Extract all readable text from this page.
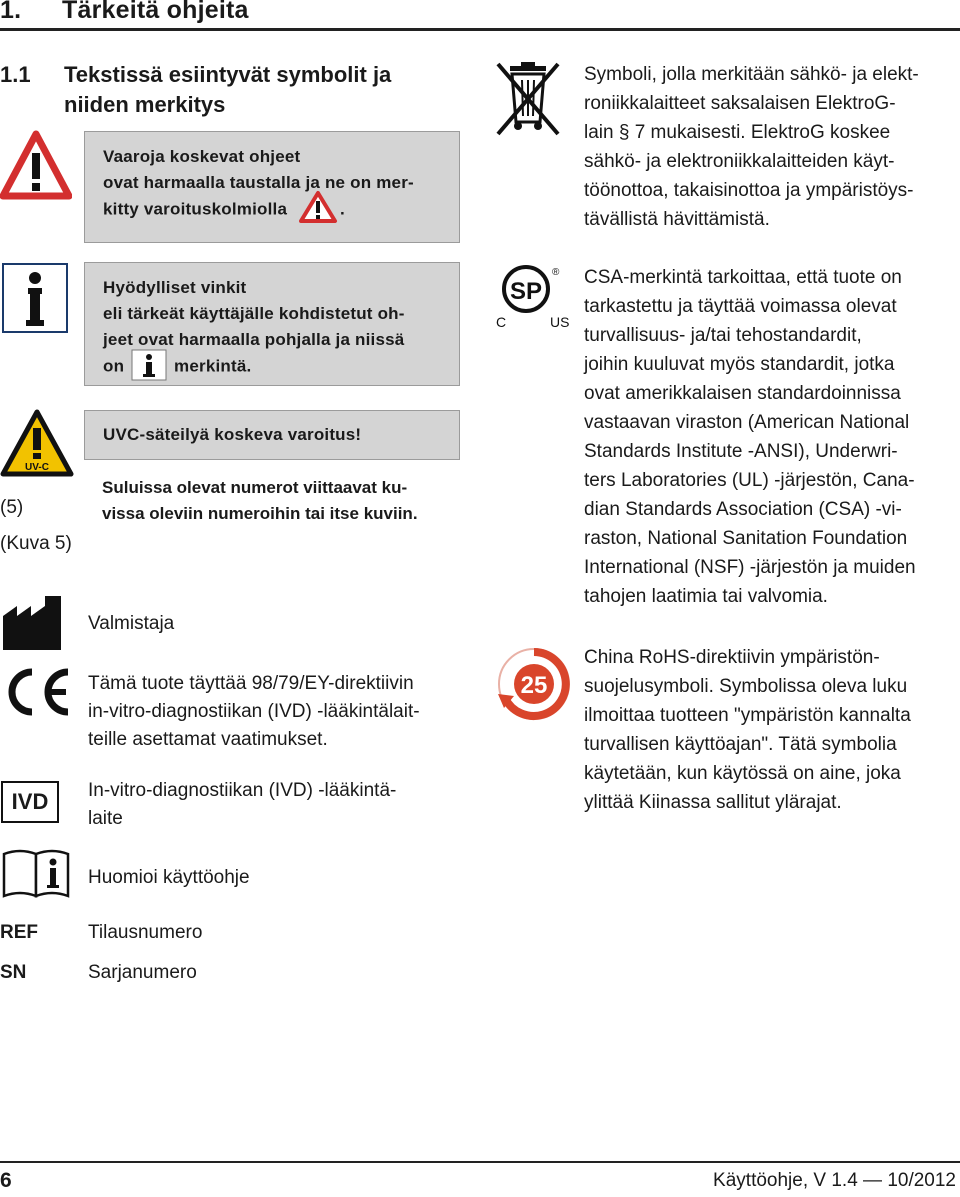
1. Tärkeitä ohjeita
1.1 Tekstissä esiintyvät symbolit ja niiden merkitys
Vaaroja koskevat ohjeet
ovat harmaalla taustalla ja ne on mer-
kitty varoituskolmiolla	.
Hyödylliset vinkit
eli tärkeät käyttäjälle kohdistetut oh-
jeet ovat harmaalla pohjalla ja niissä
on	merkintä.
UV-C
UVC-säteilyä koskeva varoitus!
(5)
(Kuva 5)
Suluissa olevat numerot viittaavat ku-
vissa oleviin numeroihin tai itse kuviin.
Valmistaja
Tämä tuote täyttää 98/79/EY-direktiivin
in-vitro-diagnostiikan (IVD) -lääkintälait-
teille asettamat vaatimukset.
IVD	In-vitro-diagnostiikan (IVD) -lääkintä-
laite
Huomioi käyttöohje
REF	Tilausnumero
SN	Sarjanumero
Symboli, jolla merkitään sähkö- ja elekt-
roniikkalaitteet saksalaisen ElektroG-
lain § 7 mukaisesti. ElektroG koskee
sähkö- ja elektroniikkalaitteiden käyt-
töönottoa, takaisinottoa ja ympäristöys-
tävällistä hävittämistä.
SP
®
C	US
CSA-merkintä tarkoittaa, että tuote on
tarkastettu ja täyttää voimassa olevat
turvallisuus- ja/tai tehostandardit,
joihin kuuluvat myös standardit, jotka
ovat amerikkalaisen standardoinnissa
vastaavan viraston (American National
Standards Institute -ANSI), Underwri-
ters Laboratories (UL) -järjestön, Cana-
dian Standards Association (CSA) -vi-
raston, National Sanitation Foundation
International (NSF) -järjestön ja muiden
tahojen laatimia tai valvomia.
25
China RoHS-direktiivin ympäristön-
suojelusymboli. Symbolissa oleva luku
ilmoittaa tuotteen "ympäristön kannalta
turvallisen käyttöajan". Tätä symbolia
käytetään, kun käytössä on aine, joka
ylittää Kiinassa sallitut ylärajat.
6	Käyttöohje, V 1.4 — 10/2012
